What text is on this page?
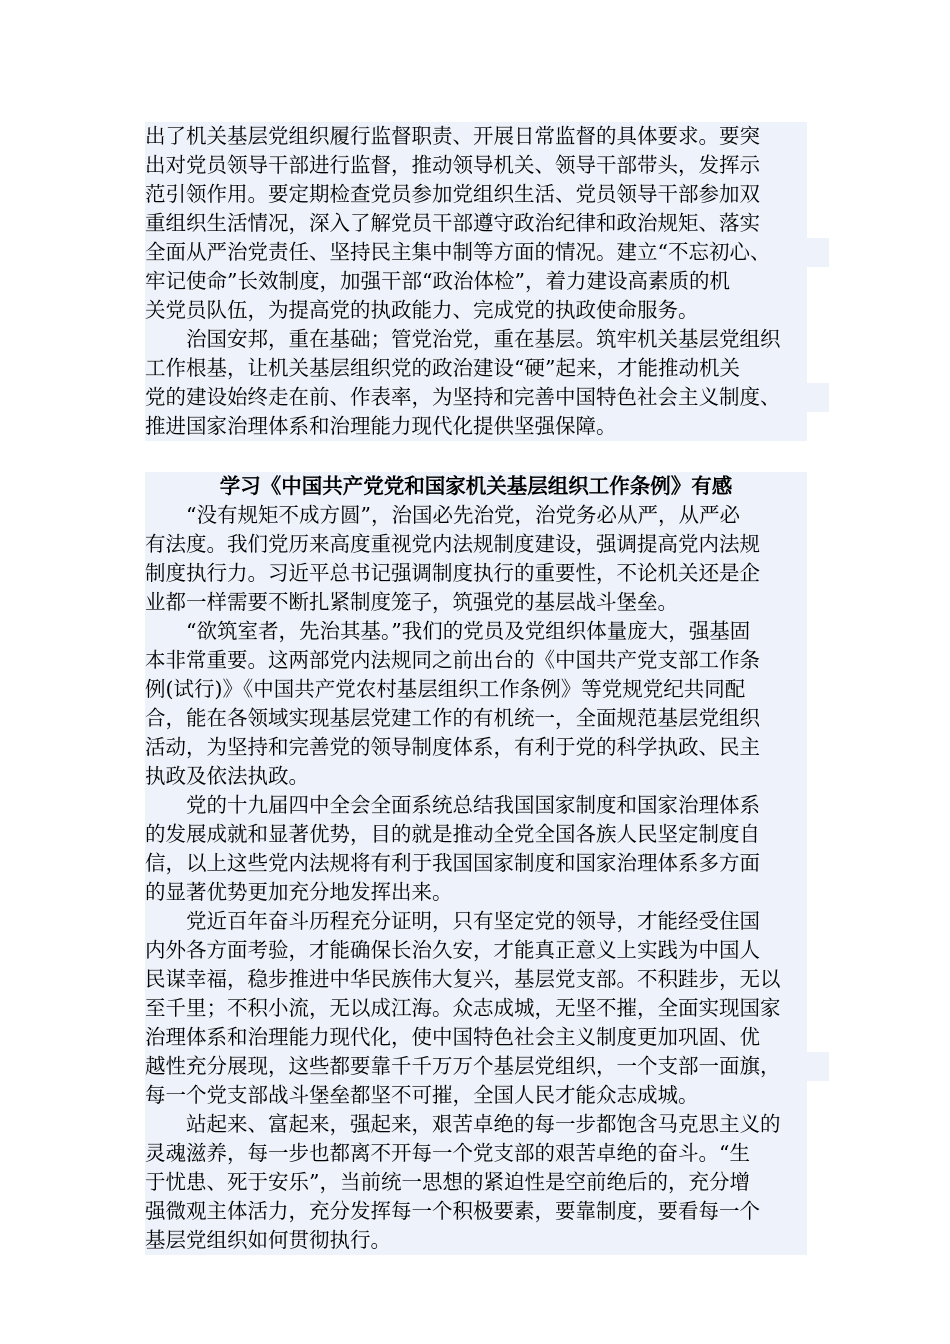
出了机关基层党组织履行监督职责、开展日常监督的具体要求。要突
出对党员领导干部进行监督，推动领导机关、领导干部带头，发挥示
范引领作用。要定期检查党员参加党组织生活、党员领导干部参加双
重组织生活情况，深入了解党员干部遵守政治纪律和政治规矩、落实
全面从严治党责任、坚持民主集中制等方面的情况。建立“不忘初心、
牢记使命”长效制度，加强干部“政治体检”，着力建设高素质的机
关党员队伍，为提高党的执政能力、完成党的执政使命服务。
　　治国安邦，重在基础；管党治党，重在基层。筑牢机关基层党组织
工作根基，让机关基层组织党的政治建设“硬”起来，才能推动机关
党的建设始终走在前、作表率，为坚持和完善中国特色社会主义制度、
推进国家治理体系和治理能力现代化提供坚强保障。
学习《中国共产党党和国家机关基层组织工作条例》有感
　　“没有规矩不成方圆”，治国必先治党，治党务必从严，从严必
有法度。我们党历来高度重视党内法规制度建设，强调提高党内法规
制度执行力。习近平总书记强调制度执行的重要性，不论机关还是企
业都一样需要不断扎紧制度笼子，筑强党的基层战斗堡垒。
　　“欲筑室者，先治其基。”我们的党员及党组织体量庞大，强基固
本非常重要。这两部党内法规同之前出台的《中国共产党支部工作条
例(试行)》《中国共产党农村基层组织工作条例》等党规党纪共同配
合，能在各领域实现基层党建工作的有机统一，全面规范基层党组织
活动，为坚持和完善党的领导制度体系，有利于党的科学执政、民主
执政及依法执政。
　　党的十九届四中全会全面系统总结我国国家制度和国家治理体系
的发展成就和显著优势，目的就是推动全党全国各族人民坚定制度自
信，以上这些党内法规将有利于我国国家制度和国家治理体系多方面
的显著优势更加充分地发挥出来。
　　党近百年奋斗历程充分证明，只有坚定党的领导，才能经受住国
内外各方面考验，才能确保长治久安，才能真正意义上实践为中国人
民谋幸福，稳步推进中华民族伟大复兴，基层党支部。不积跬步，无以
至千里；不积小流，无以成江海。众志成城，无坚不摧，全面实现国家
治理体系和治理能力现代化，使中国特色社会主义制度更加巩固、优
越性充分展现，这些都要靠千千万万个基层党组织，一个支部一面旗，
每一个党支部战斗堡垒都坚不可摧，全国人民才能众志成城。
　　站起来、富起来，强起来，艰苦卓绝的每一步都饱含马克思主义的
灵魂滋养，每一步也都离不开每一个党支部的艰苦卓绝的奋斗。“生
于忧患、死于安乐”，当前统一思想的紧迫性是空前绝后的，充分增
强微观主体活力，充分发挥每一个积极要素，要靠制度，要看每一个
基层党组织如何贯彻执行。
